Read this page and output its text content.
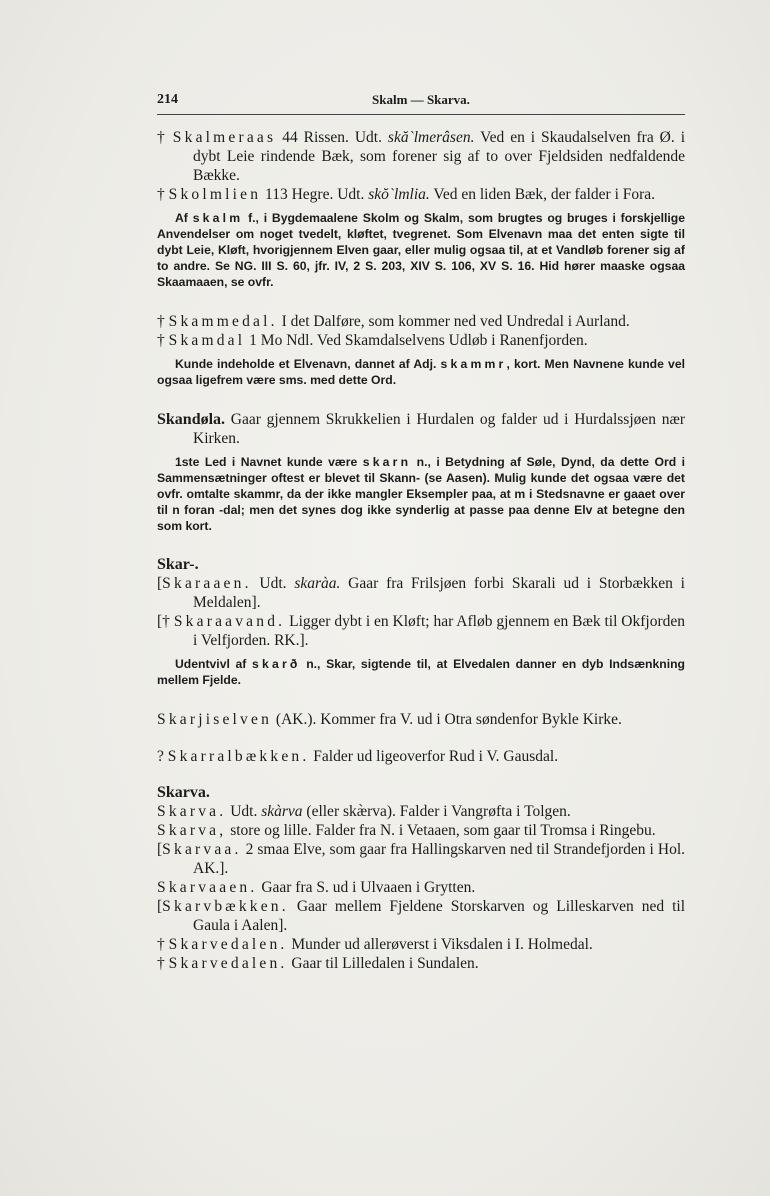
214	Skalm — Skarva.
† Skalmeraas 44 Rissen. Udt. skă`lmerâsen. Ved en i Skaudalselven fra Ø. i dybt Leie rindende Bæk, som forener sig af to over Fjeldsiden nedfaldende Bække.
† Skolmlien 113 Hegre. Udt. skŏ`lmlia. Ved en liden Bæk, der falder i Fora.
Af skalm f., i Bygdemaalene Skolm og Skalm, som brugtes og bruges i forskjellige Anvendelser om noget tvedelt, kløftet, tvegrenet. Som Elvenavn maa det enten sigte til dybt Leie, Kløft, hvorigjennem Elven gaar, eller mulig ogsaa til, at et Vandløb forener sig af to andre. Se NG. III S. 60, jfr. IV, 2 S. 203, XIV S. 106, XV S. 16. Hid hører maaske ogsaa Skaamaaen, se ovfr.
† Skammedal. I det Dalføre, som kommer ned ved Undredal i Aurland.
† Skamdal 1 Mo Ndl. Ved Skamdalselvens Udløb i Ranenfjorden.
Kunde indeholde et Elvenavn, dannet af Adj. skammr, kort. Men Navnene kunde vel ogsaa ligefrem være sms. med dette Ord.
Skandøla. Gaar gjennem Skrukkelien i Hurdalen og falder ud i Hurdalssjøen nær Kirken.
1ste Led i Navnet kunde være skarn n., i Betydning af Søle, Dynd, da dette Ord i Sammensætninger oftest er blevet til Skann- (se Aasen). Mulig kunde det ogsaa være det ovfr. omtalte skammr, da der ikke mangler Eksempler paa, at m i Stedsnavne er gaaet over til n foran -dal; men det synes dog ikke synderlig at passe paa denne Elv at betegne den som kort.
Skar-.
[Skaraaen. Udt. skaràa. Gaar fra Frilsjøen forbi Skarali ud i Storbækken i Meldalen].
[† Skaraavand. Ligger dybt i en Kløft; har Afløb gjennem en Bæk til Okfjorden i Velfjorden. RK.].
Udentvivl af skarð n., Skar, sigtende til, at Elvedalen danner en dyb Indsænkning mellem Fjelde.
Skarjiselven (AK.). Kommer fra V. ud i Otra søndenfor Bykle Kirke.
? Skarralbækken. Falder ud ligeoverfor Rud i V. Gausdal.
Skarva.
Skarva. Udt. skàrva (eller skæ̀rva). Falder i Vangrøfta i Tolgen.
Skarva, store og lille. Falder fra N. i Vetaaen, som gaar til Tromsa i Ringebu.
[Skarvaa. 2 smaa Elve, som gaar fra Hallingskarven ned til Strandefjorden i Hol. AK.].
Skarvaaen. Gaar fra S. ud i Ulvaaen i Grytten.
[Skarvbækken. Gaar mellem Fjeldene Storskarven og Lilleskarven ned til Gaula i Aalen].
† Skarvedalen. Munder ud allerøverst i Viksdalen i I. Holmedal.
† Skarvedalen. Gaar til Lilledalen i Sundalen.
